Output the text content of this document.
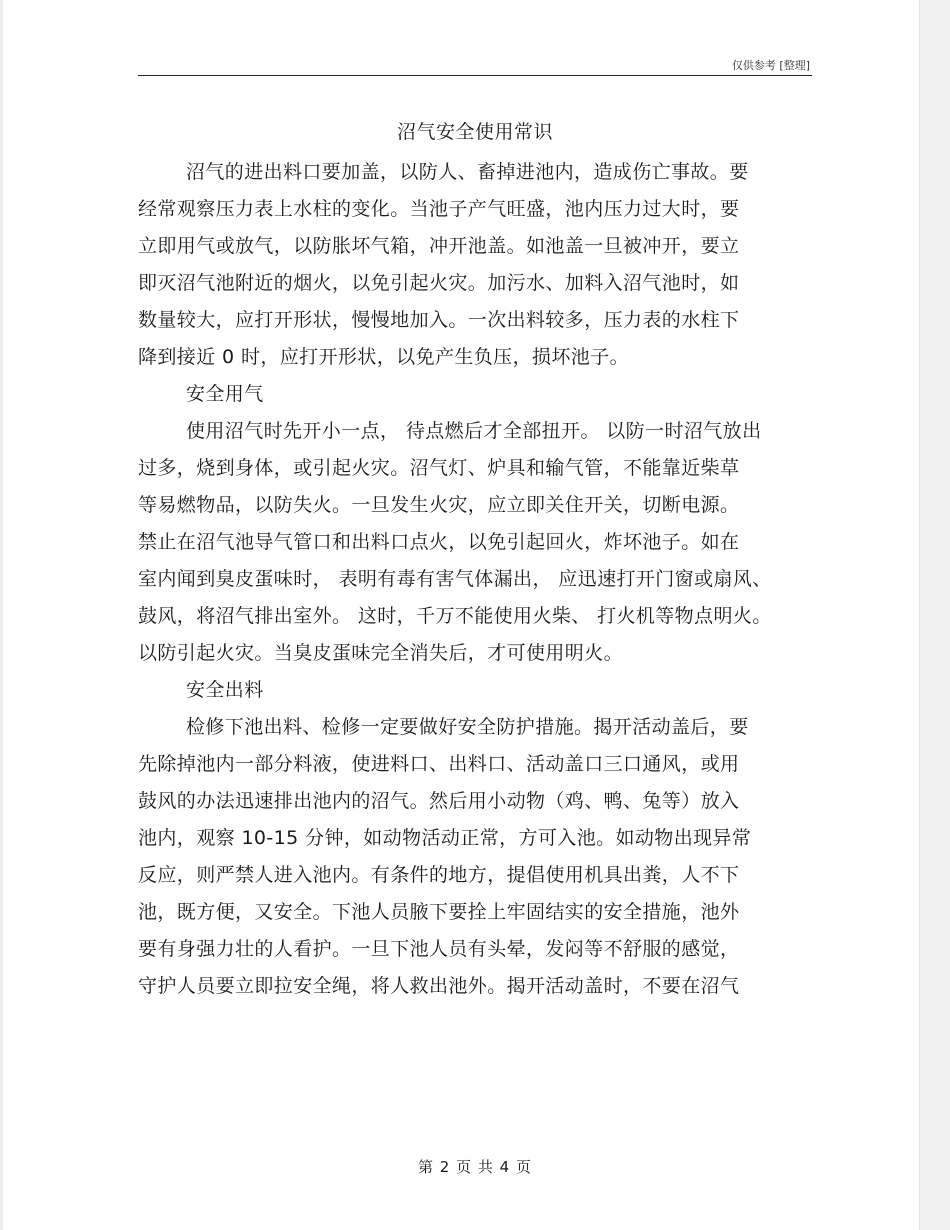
仅供参考 [整理]
沼气安全使用常识
沼气的进出料口要加盖，以防人、畜掉进池内，造成伤亡事故。要
经常观察压力表上水柱的变化。当池子产气旺盛，池内压力过大时，要
立即用气或放气，以防胀坏气箱，冲开池盖。如池盖一旦被冲开，要立
即灭沼气池附近的烟火，以免引起火灾。加污水、加料入沼气池时，如
数量较大，应打开形状，慢慢地加入。一次出料较多，压力表的水柱下
降到接近 0 时，应打开形状，以免产生负压，损坏池子。
安全用气
使用沼气时先开小一点， 待点燃后才全部扭开。 以防一时沼气放出
过多，烧到身体，或引起火灾。沼气灯、炉具和输气管，不能靠近柴草
等易燃物品，以防失火。一旦发生火灾，应立即关住开关，切断电源。
禁止在沼气池导气管口和出料口点火，以免引起回火，炸坏池子。如在
室内闻到臭皮蛋味时， 表明有毒有害气体漏出， 应迅速打开门窗或扇风、
鼓风，将沼气排出室外。 这时，千万不能使用火柴、 打火机等物点明火。
以防引起火灾。当臭皮蛋味完全消失后，才可使用明火。
安全出料
检修下池出料、检修一定要做好安全防护措施。揭开活动盖后，要
先除掉池内一部分料液，使进料口、出料口、活动盖口三口通风，或用
鼓风的办法迅速排出池内的沼气。然后用小动物（鸡、鸭、兔等）放入
池内，观察 10-15 分钟，如动物活动正常，方可入池。如动物出现异常
反应，则严禁人进入池内。有条件的地方，提倡使用机具出粪，人不下
池，既方便，又安全。下池人员腋下要拴上牢固结实的安全措施，池外
要有身强力壮的人看护。一旦下池人员有头晕，发闷等不舒服的感觉，
守护人员要立即拉安全绳，将人救出池外。揭开活动盖时，不要在沼气
第 2 页 共 4 页
